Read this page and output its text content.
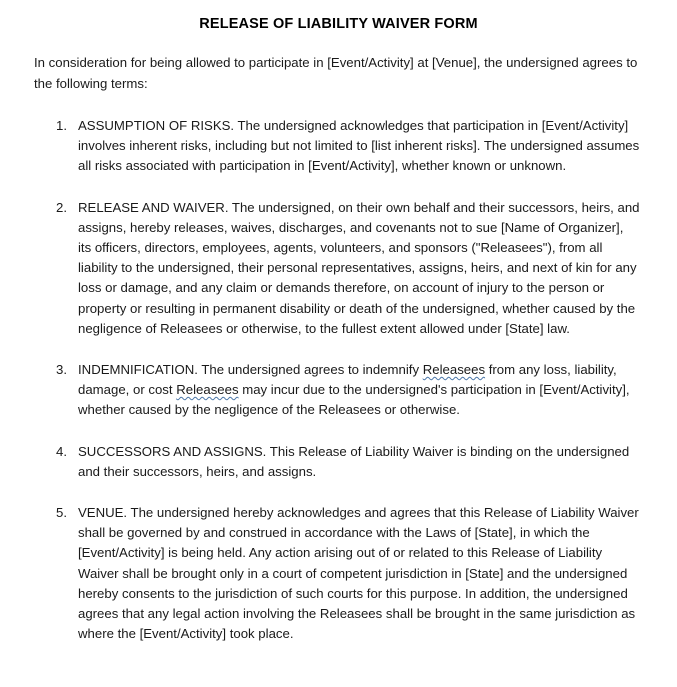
RELEASE OF LIABILITY WAIVER FORM

In consideration for being allowed to participate in [Event/Activity] at [Venue], the undersigned agrees to the following terms:

1. ASSUMPTION OF RISKS. The undersigned acknowledges that participation in [Event/Activity] involves inherent risks, including but not limited to [list inherent risks]. The undersigned assumes all risks associated with participation in [Event/Activity], whether known or unknown.
2. RELEASE AND WAIVER. The undersigned, on their own behalf and their successors, heirs, and assigns, hereby releases, waives, discharges, and covenants not to sue [Name of Organizer], its officers, directors, employees, agents, volunteers, and sponsors ("Releasees"), from all liability to the undersigned, their personal representatives, assigns, heirs, and next of kin for any loss or damage, and any claim or demands therefore, on account of injury to the person or property or resulting in permanent disability or death of the undersigned, whether caused by the negligence of Releasees or otherwise, to the fullest extent allowed under [State] law.
3. INDEMNIFICATION. The undersigned agrees to indemnify Releasees from any loss, liability, damage, or cost Releasees may incur due to the undersigned's participation in [Event/Activity], whether caused by the negligence of the Releasees or otherwise.
4. SUCCESSORS AND ASSIGNS. This Release of Liability Waiver is binding on the undersigned and their successors, heirs, and assigns.
5. VENUE. The undersigned hereby acknowledges and agrees that this Release of Liability Waiver shall be governed by and construed in accordance with the Laws of [State], in which the [Event/Activity] is being held. Any action arising out of or related to this Release of Liability Waiver shall be brought only in a court of competent jurisdiction in [State] and the undersigned hereby consents to the jurisdiction of such courts for this purpose. In addition, the undersigned agrees that any legal action involving the Releasees shall be brought in the same jurisdiction as where the [Event/Activity] took place.
